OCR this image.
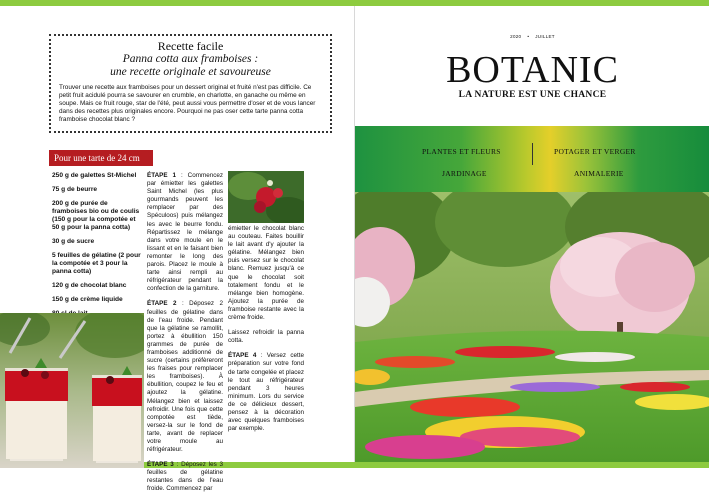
Recette facile
Panna cotta aux framboises :
une recette originale et savoureuse
Trouver une recette aux framboises pour un dessert original et fruité n'est pas difficile. Ce petit fruit acidulé pourra se savourer en crumble, en charlotte, en ganache ou même en soupe. Mais ce fruit rouge, star de l'été, peut aussi vous permettre d'oser et de vous lancer dans des recettes plus originales encore. Pourquoi ne pas oser cette tarte panna cotta framboise chocolat blanc ?
Pour une tarte de 24 cm
250 g de galettes St-Michel
75 g de beurre
200 g de purée de framboises bio ou de coulis (150 g pour la compotée et 50 g pour la panna cotta)
30 g de sucre
5 feuilles de gélatine (2 pour la compotée et 3 pour la panna cotta)
120 g de chocolat blanc
150 g de crème liquide

ÉTAPE 1 : Commencez par émietter les galettes Saint Michel (les plus gourmands peuvent les remplacer par des Spéculoos) puis mélangez les avec le beurre fondu. Répartissez le mélange dans votre moule en le lissant et en le faisant bien remonter le long des parois. Placez le moule à tarte ainsi rempli au réfrigérateur pendant la confection de la garniture.

ÉTAPE 2 : Déposez 2 feuilles de gélatine dans de l'eau froide. Pendant que la gélatine se ramollit, portez à ébullition 150 grammes de purée de framboises additionné de sucre (certains préfèreront les fraises pour remplacer les framboises). À ébullition, coupez le feu et ajoutez la gélatine. Mélangez bien et laissez refroidir. Une fois que cette compotée est tiède, versez-la sur le fond de tarte, avant de replacer votre moule au réfrigérateur.

ÉTAPE 3 : Déposez les 3 feuilles de gélatine restantes dans de l'eau froide. Commencez par

émietter le chocolat blanc au couteau. Faites bouillir le lait avant d'y ajouter la gélatine. Mélangez bien puis versez sur le chocolat blanc. Remuez jusqu'à ce que le chocolat soit totalement fondu et le mélange bien homogène. Ajoutez la purée de framboise restante avec la crème froide.

Laissez refroidir la panna cotta.

ÉTAPE 4 : Versez cette préparation sur votre fond de tarte congelée et placez le tout au réfrigérateur pendant 3 heures minimum. Lors du service de ce délicieux dessert, pensez à la décoration avec quelques framboises par exemple.

2020 • JUILLET
BOTANIC
LA NATURE EST UNE CHANCE
PLANTES ET FLEURS	POTAGER ET VERGER
JARDINAGE	ANIMALERIE
